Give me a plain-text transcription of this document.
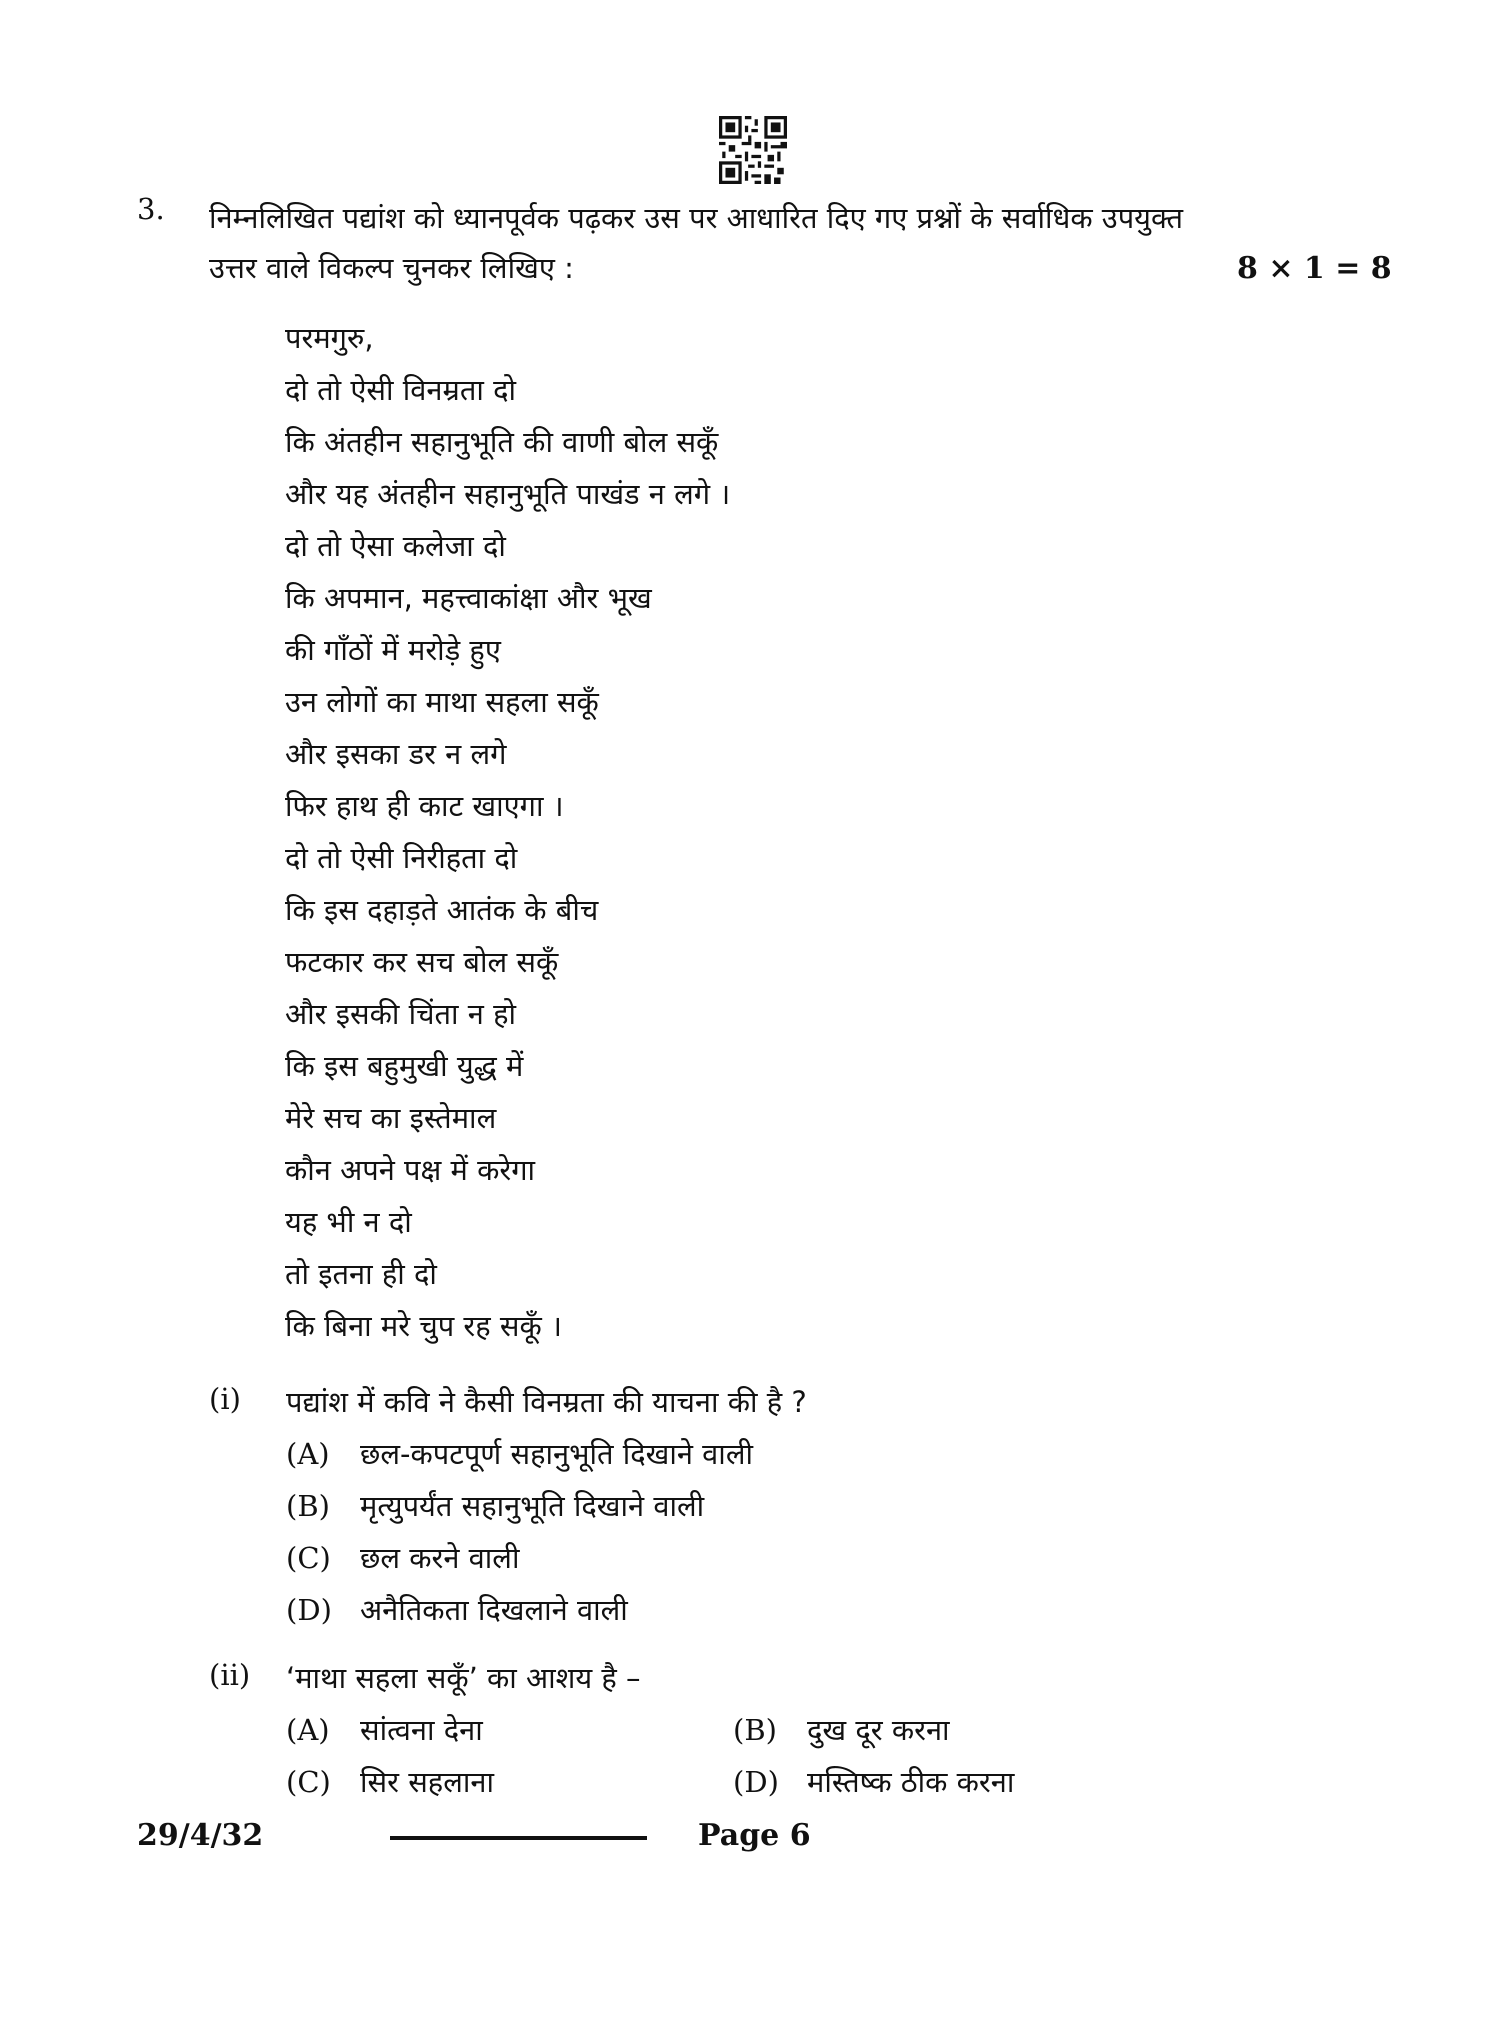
3. निम्नलिखित पद्यांश को ध्यानपूर्वक पढ़कर उस पर आधारित दिए गए प्रश्नों के सर्वाधिक उपयुक्त
उत्तर वाले विकल्प चुनकर लिखिए :	8 × 1 = 8
परमगुरु,
दो तो ऐसी विनम्रता दो
कि अंतहीन सहानुभूति की वाणी बोल सकूँ
और यह अंतहीन सहानुभूति पाखंड न लगे ।
दो तो ऐसा कलेजा दो
कि अपमान, महत्त्वाकांक्षा और भूख
की गाँठों में मरोड़े हुए
उन लोगों का माथा सहला सकूँ
और इसका डर न लगे
फिर हाथ ही काट खाएगा ।
दो तो ऐसी निरीहता दो
कि इस दहाड़ते आतंक के बीच
फटकार कर सच बोल सकूँ
और इसकी चिंता न हो
कि इस बहुमुखी युद्ध में
मेरे सच का इस्तेमाल
कौन अपने पक्ष में करेगा
यह भी न दो
तो इतना ही दो
कि बिना मरे चुप रह सकूँ ।
(i) पद्यांश में कवि ने कैसी विनम्रता की याचना की है ?
(A) छल-कपटपूर्ण सहानुभूति दिखाने वाली
(B) मृत्युपर्यंत सहानुभूति दिखाने वाली
(C) छल करने वाली
(D) अनैतिकता दिखलाने वाली
(ii) ‘माथा सहला सकूँ’ का आशय है –
(A) सांत्वना देना	(B) दुख दूर करना
(C) सिर सहलाना	(D) मस्तिष्क ठीक करना
29/4/32	Page 6
